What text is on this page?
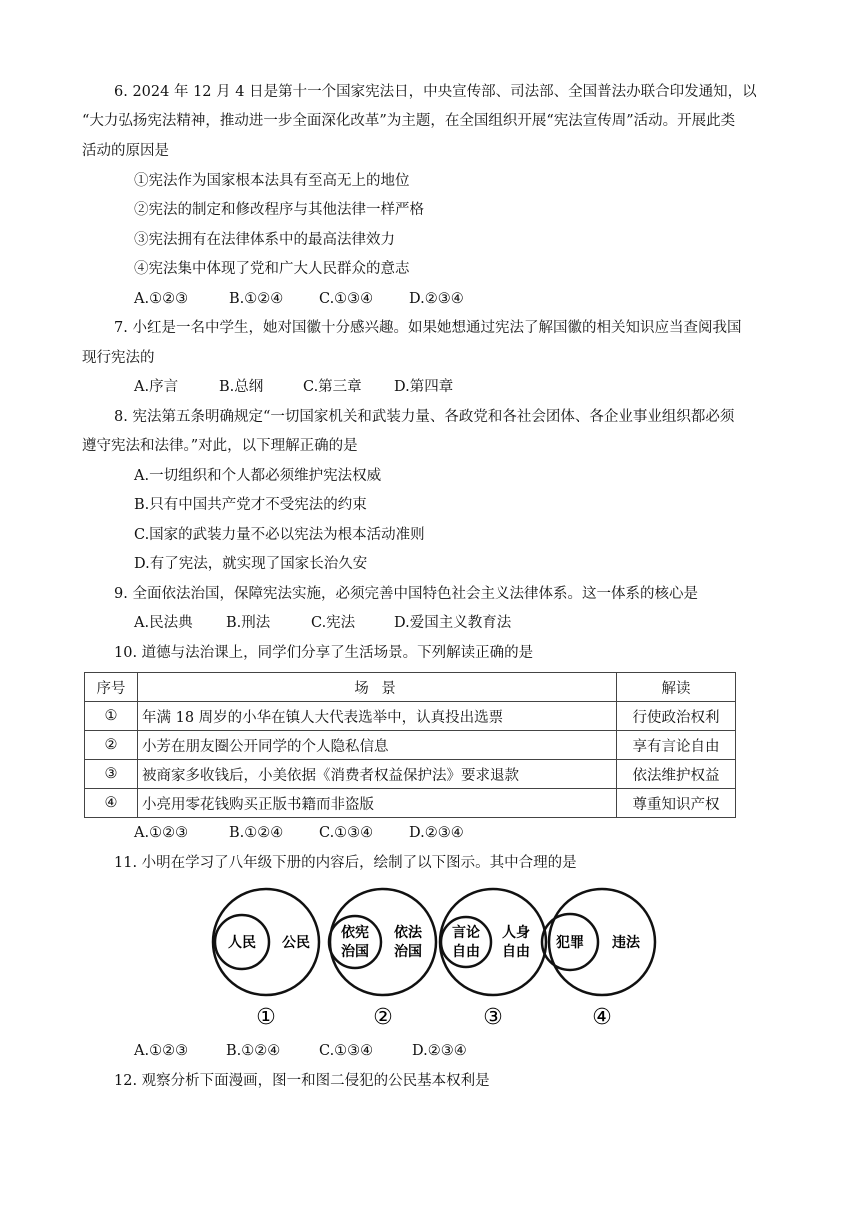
6. 2024 年 12 月 4 日是第十一个国家宪法日，中央宣传部、司法部、全国普法办联合印发通知，以
“大力弘扬宪法精神，推动进一步全面深化改革”为主题，在全国组织开展“宪法宣传周”活动。开展此类
活动的原因是
①宪法作为国家根本法具有至高无上的地位
②宪法的制定和修改程序与其他法律一样严格
③宪法拥有在法律体系中的最高法律效力
④宪法集中体现了党和广大人民群众的意志
A.①②③	B.①②④ C.①③④ D.②③④
7. 小红是一名中学生，她对国徽十分感兴趣。如果她想通过宪法了解国徽的相关知识应当查阅我国
现行宪法的
A.序言	B.总纲	C.第三章 D.第四章
8. 宪法第五条明确规定“一切国家机关和武装力量、各政党和各社会团体、各企业事业组织都必须
遵守宪法和法律。”对此，以下理解正确的是
A.一切组织和个人都必须维护宪法权威
B.只有中国共产党才不受宪法的约束
C.国家的武装力量不必以宪法为根本活动准则
D.有了宪法，就实现了国家长治久安
9. 全面依法治国，保障宪法实施，必须完善中国特色社会主义法律体系。这一体系的核心是
A.民法典 B.刑法	C.宪法	D.爱国主义教育法
10. 道德与法治课上，同学们分享了生活场景。下列解读正确的是
序号	场 景	解读
①	年满 18 周岁的小华在镇人大代表选举中，认真投出选票	行使政治权利
②	小芳在朋友圈公开同学的个人隐私信息	享有言论自由
③	被商家多收钱后，小美依据《消费者权益保护法》要求退款	依法维护权益
④	小亮用零花钱购买正版书籍而非盗版	尊重知识产权
A.①②③	B.①②④ C.①③④ D.②③④
11. 小明在学习了八年级下册的内容后，绘制了以下图示。其中合理的是
人民 公民
①
依宪
治国
依法
治国
②
言论
自由
人身
自由
③
犯罪 违法
④
A.①②③	B.①②④	C.①③④	D.②③④
12. 观察分析下面漫画，图一和图二侵犯的公民基本权利是
